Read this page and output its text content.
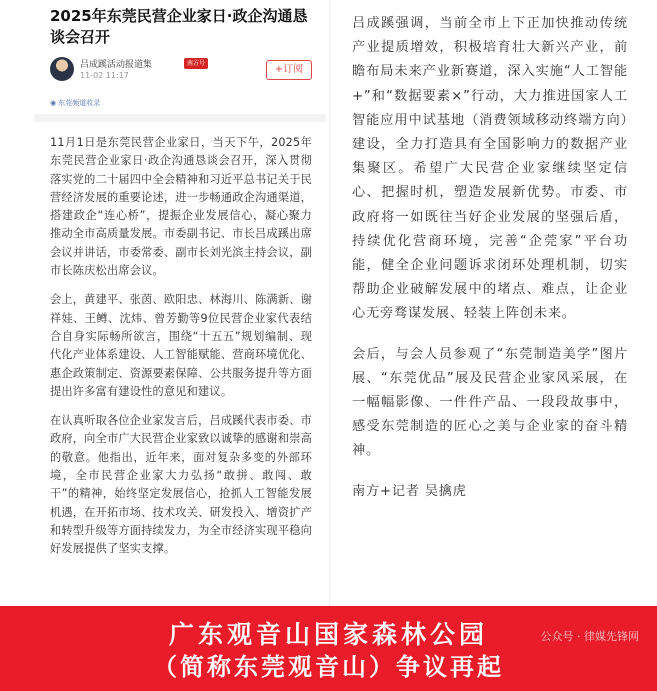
2025年东莞民营企业家日·政企沟通恳谈会召开
吕成蹊活动报道集	南方号
11-02 11:17
+订阅
◉ 东莞频道收录

11月1日是东莞民营企业家日，当天下午，2025年东莞民营企业家日·政企沟通恳谈会召开，深入贯彻落实党的二十届四中全会精神和习近平总书记关于民营经济发展的重要论述，进一步畅通政企沟通渠道，搭建政企“连心桥”，提振企业发展信心，凝心聚力推动全市高质量发展。市委副书记、市长吕成蹊出席会议并讲话，市委常委、副市长刘光滨主持会议，副市长陈庆松出席会议。

会上，黄建平、张茵、欧阳忠、林海川、陈满新、谢祥娃、王鳟、沈炜、曾芳勤等9位民营企业家代表结合自身实际畅所欲言，围绕“十五五”规划编制、现代化产业体系建设、人工智能赋能、营商环境优化、惠企政策制定、资源要素保障、公共服务提升等方面提出许多富有建设性的意见和建议。

在认真听取各位企业家发言后，吕成蹊代表市委、市政府，向全市广大民营企业家致以诚挚的感谢和崇高的敬意。他指出，近年来，面对复杂多变的外部环境，全市民营企业家大力弘扬“敢拼、敢闯、敢干”的精神，始终坚定发展信心，抢抓人工智能发展机遇，在开拓市场、技术攻关、研发投入、增资扩产和转型升级等方面持续发力，为全市经济实现平稳向好发展提供了坚实支撑。

吕成蹊强调，当前全市上下正加快推动传统产业提质增效，积极培育壮大新兴产业，前瞻布局未来产业新赛道，深入实施“人工智能+”和“数据要素×”行动，大力推进国家人工智能应用中试基地（消费领域移动终端方向）建设，全力打造具有全国影响力的数据产业集聚区。希望广大民营企业家继续坚定信心、把握时机，塑造发展新优势。市委、市政府将一如既往当好企业发展的坚强后盾，持续优化营商环境，完善“企莞家”平台功能，健全企业问题诉求闭环处理机制，切实帮助企业破解发展中的堵点、难点，让企业心无旁骛谋发展、轻装上阵创未来。

会后，与会人员参观了“东莞制造美学”图片展、“东莞优品”展及民营企业家风采展，在一幅幅影像、一件件产品、一段段故事中，感受东莞制造的匠心之美与企业家的奋斗精神。

南方+记者 吴擒虎

广东观音山国家森林公园
（简称东莞观音山）争议再起
公众号 · 律媒先锋网
